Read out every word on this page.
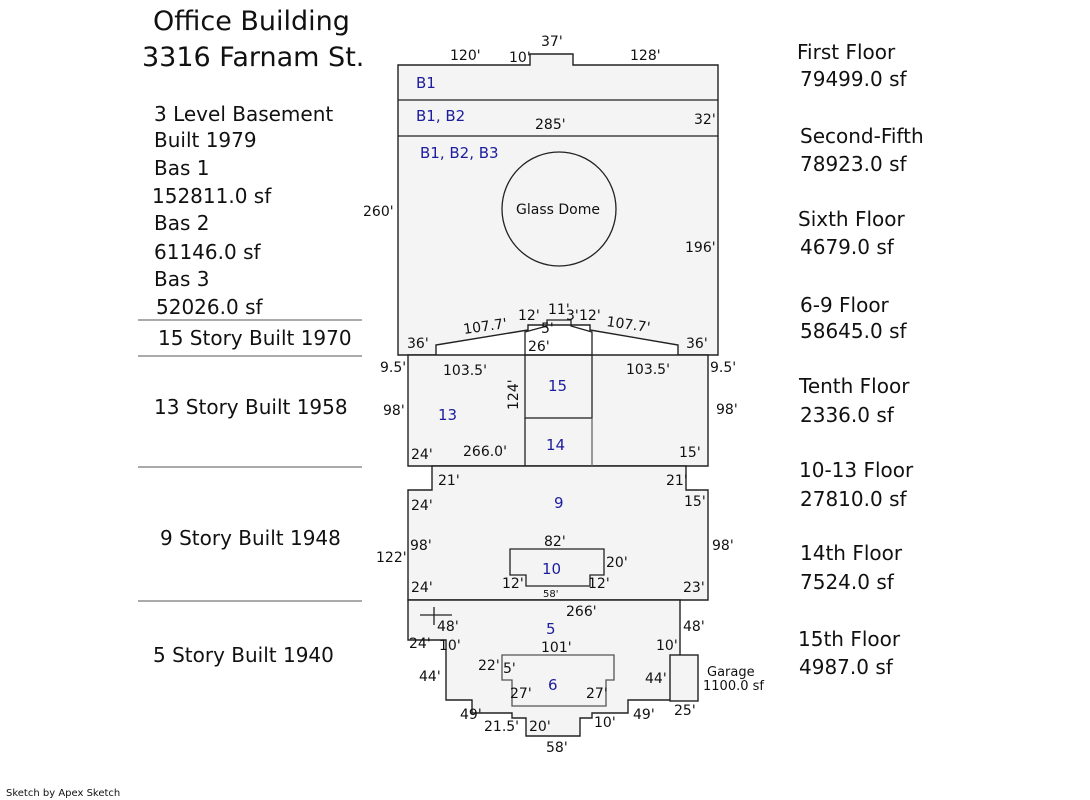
Office Building
3316 Farnam St.
3 Level Basement
Built 1979
Bas 1
152811.0 sf
Bas 2
61146.0 sf
Bas 3
52026.0 sf
15 Story Built 1970
13 Story Built 1958
9 Story Built 1948
5 Story Built 1940
First Floor
79499.0 sf
Second-Fifth
78923.0 sf
Sixth Floor
4679.0 sf
6-9 Floor
58645.0 sf
Tenth Floor
2336.0 sf
10-13 Floor
27810.0 sf
14th Floor
7524.0 sf
15th Floor
4987.0 sf
B1
B1, B2
B1, B2, B3
13
15
14
9
10
5
6
Glass Dome
Garage
1100.0 sf
120' 10'
37'
128'
285'	32'
260'
196'
107.7'
12' 11'
3' 12' 107.7'
5'
26'
36'	36'
9.5'	103.5'	103.5'	9.5'
98'
124'	98'
24' 266.0'	15'
21'	21'
24'	15'
122'
98'	82'
20'
98'
24'	12'	12'
58'	23'
48'
266'
48'
24' 10'	101'	10'
22' 5'
44'
27'	27'
44'
49'
21.5' 20'	10' 49' 25'
58'
Sketch by Apex Sketch
